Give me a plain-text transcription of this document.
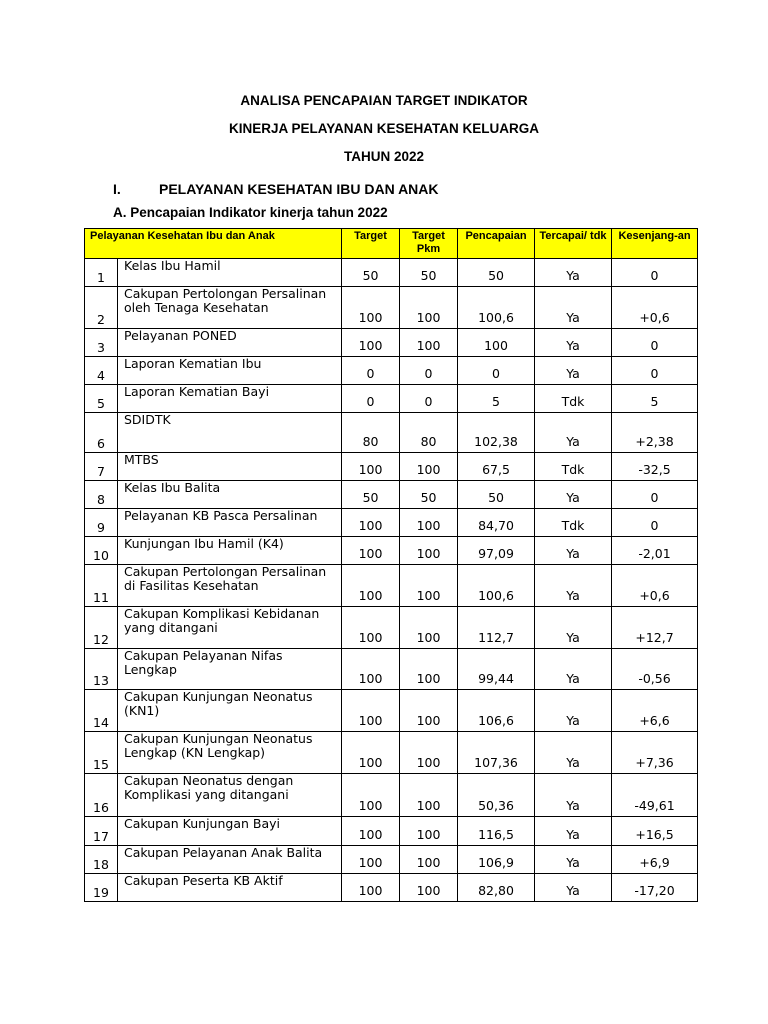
ANALISA PENCAPAIAN TARGET INDIKATOR
KINERJA PELAYANAN KESEHATAN KELUARGA
TAHUN 2022
I.	PELAYANAN KESEHATAN IBU DAN ANAK
A. Pencapaian Indikator kinerja tahun 2022
Pelayanan Kesehatan Ibu dan Anak		Target	Target Pkm	Pencapaian	Tercapai/ tdk	Kesenjang-an
1	Kelas Ibu Hamil	50	50	50	Ya	0
2	Cakupan Pertolongan Persalinan oleh Tenaga Kesehatan	100	100	100,6	Ya	+0,6
3	Pelayanan PONED	100	100	100	Ya	0
4	Laporan Kematian Ibu	0	0	0	Ya	0
5	Laporan Kematian Bayi	0	0	5	Tdk	5
6	SDIDTK	80	80	102,38	Ya	+2,38
7	MTBS	100	100	67,5	Tdk	-32,5
8	Kelas Ibu Balita	50	50	50	Ya	0
9	Pelayanan KB Pasca Persalinan	100	100	84,70	Tdk	0
10	Kunjungan Ibu Hamil (K4)	100	100	97,09	Ya	-2,01
11	Cakupan Pertolongan Persalinan di Fasilitas Kesehatan	100	100	100,6	Ya	+0,6
12	Cakupan Komplikasi Kebidanan yang ditangani	100	100	112,7	Ya	+12,7
13	Cakupan Pelayanan Nifas Lengkap	100	100	99,44	Ya	-0,56
14	Cakupan Kunjungan Neonatus (KN1)	100	100	106,6	Ya	+6,6
15	Cakupan Kunjungan Neonatus Lengkap (KN Lengkap)	100	100	107,36	Ya	+7,36
16	Cakupan Neonatus dengan Komplikasi yang ditangani	100	100	50,36	Ya	-49,61
17	Cakupan Kunjungan Bayi	100	100	116,5	Ya	+16,5
18	Cakupan Pelayanan Anak Balita	100	100	106,9	Ya	+6,9
19	Cakupan Peserta KB Aktif	100	100	82,80	Ya	-17,20
